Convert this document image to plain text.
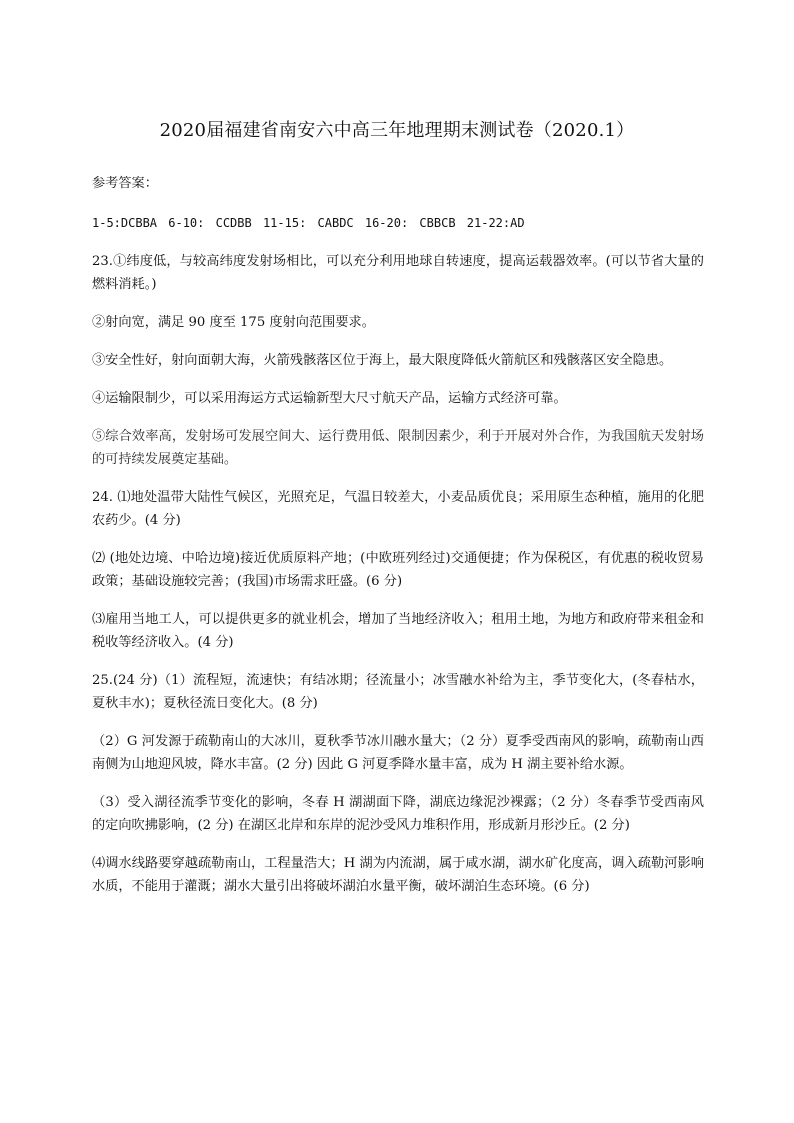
2020届福建省南安六中高三年地理期末测试卷（2020.1）

参考答案：

1-5:DCBBA 6-10: CCDBB 11-15: CABDC 16-20: CBBCB 21-22:AD

23.①纬度低，与较高纬度发射场相比，可以充分利用地球自转速度，提高运载器效率。(可以节省大量的燃料消耗。)

②射向宽，满足 90 度至 175 度射向范围要求。

③安全性好，射向面朝大海，火箭残骸落区位于海上，最大限度降低火箭航区和残骸落区安全隐患。

④运输限制少，可以采用海运方式运输新型大尺寸航天产品，运输方式经济可靠。

⑤综合效率高，发射场可发展空间大、运行费用低、限制因素少，利于开展对外合作，为我国航天发射场的可持续发展奠定基础。

24. ⑴地处温带大陆性气候区，光照充足，气温日较差大，小麦品质优良；采用原生态种植，施用的化肥农药少。(4 分)

⑵ (地处边境、中哈边境)接近优质原料产地；(中欧班列经过)交通便捷；作为保税区，有优惠的税收贸易政策；基础设施较完善；(我国)市场需求旺盛。(6 分)

⑶雇用当地工人，可以提供更多的就业机会，增加了当地经济收入；租用土地，为地方和政府带来租金和税收等经济收入。(4 分)

25.(24 分)（1）流程短，流速快；有结冰期；径流量小；冰雪融水补给为主，季节变化大，(冬春枯水，夏秋丰水)；夏秋径流日变化大。(8 分)

（2）G 河发源于疏勒南山的大冰川，夏秋季节冰川融水量大；（2 分）夏季受西南风的影响，疏勒南山西南侧为山地迎风坡，降水丰富。(2 分) 因此 G 河夏季降水量丰富，成为 H 湖主要补给水源。

（3）受入湖径流季节变化的影响，冬春 H 湖湖面下降，湖底边缘泥沙裸露；（2 分）冬春季节受西南风的定向吹拂影响，(2 分) 在湖区北岸和东岸的泥沙受风力堆积作用，形成新月形沙丘。(2 分)

⑷调水线路要穿越疏勒南山，工程量浩大；H 湖为内流湖，属于咸水湖，湖水矿化度高，调入疏勒河影响水质，不能用于灌溉；湖水大量引出将破坏湖泊水量平衡，破坏湖泊生态环境。(6 分)
